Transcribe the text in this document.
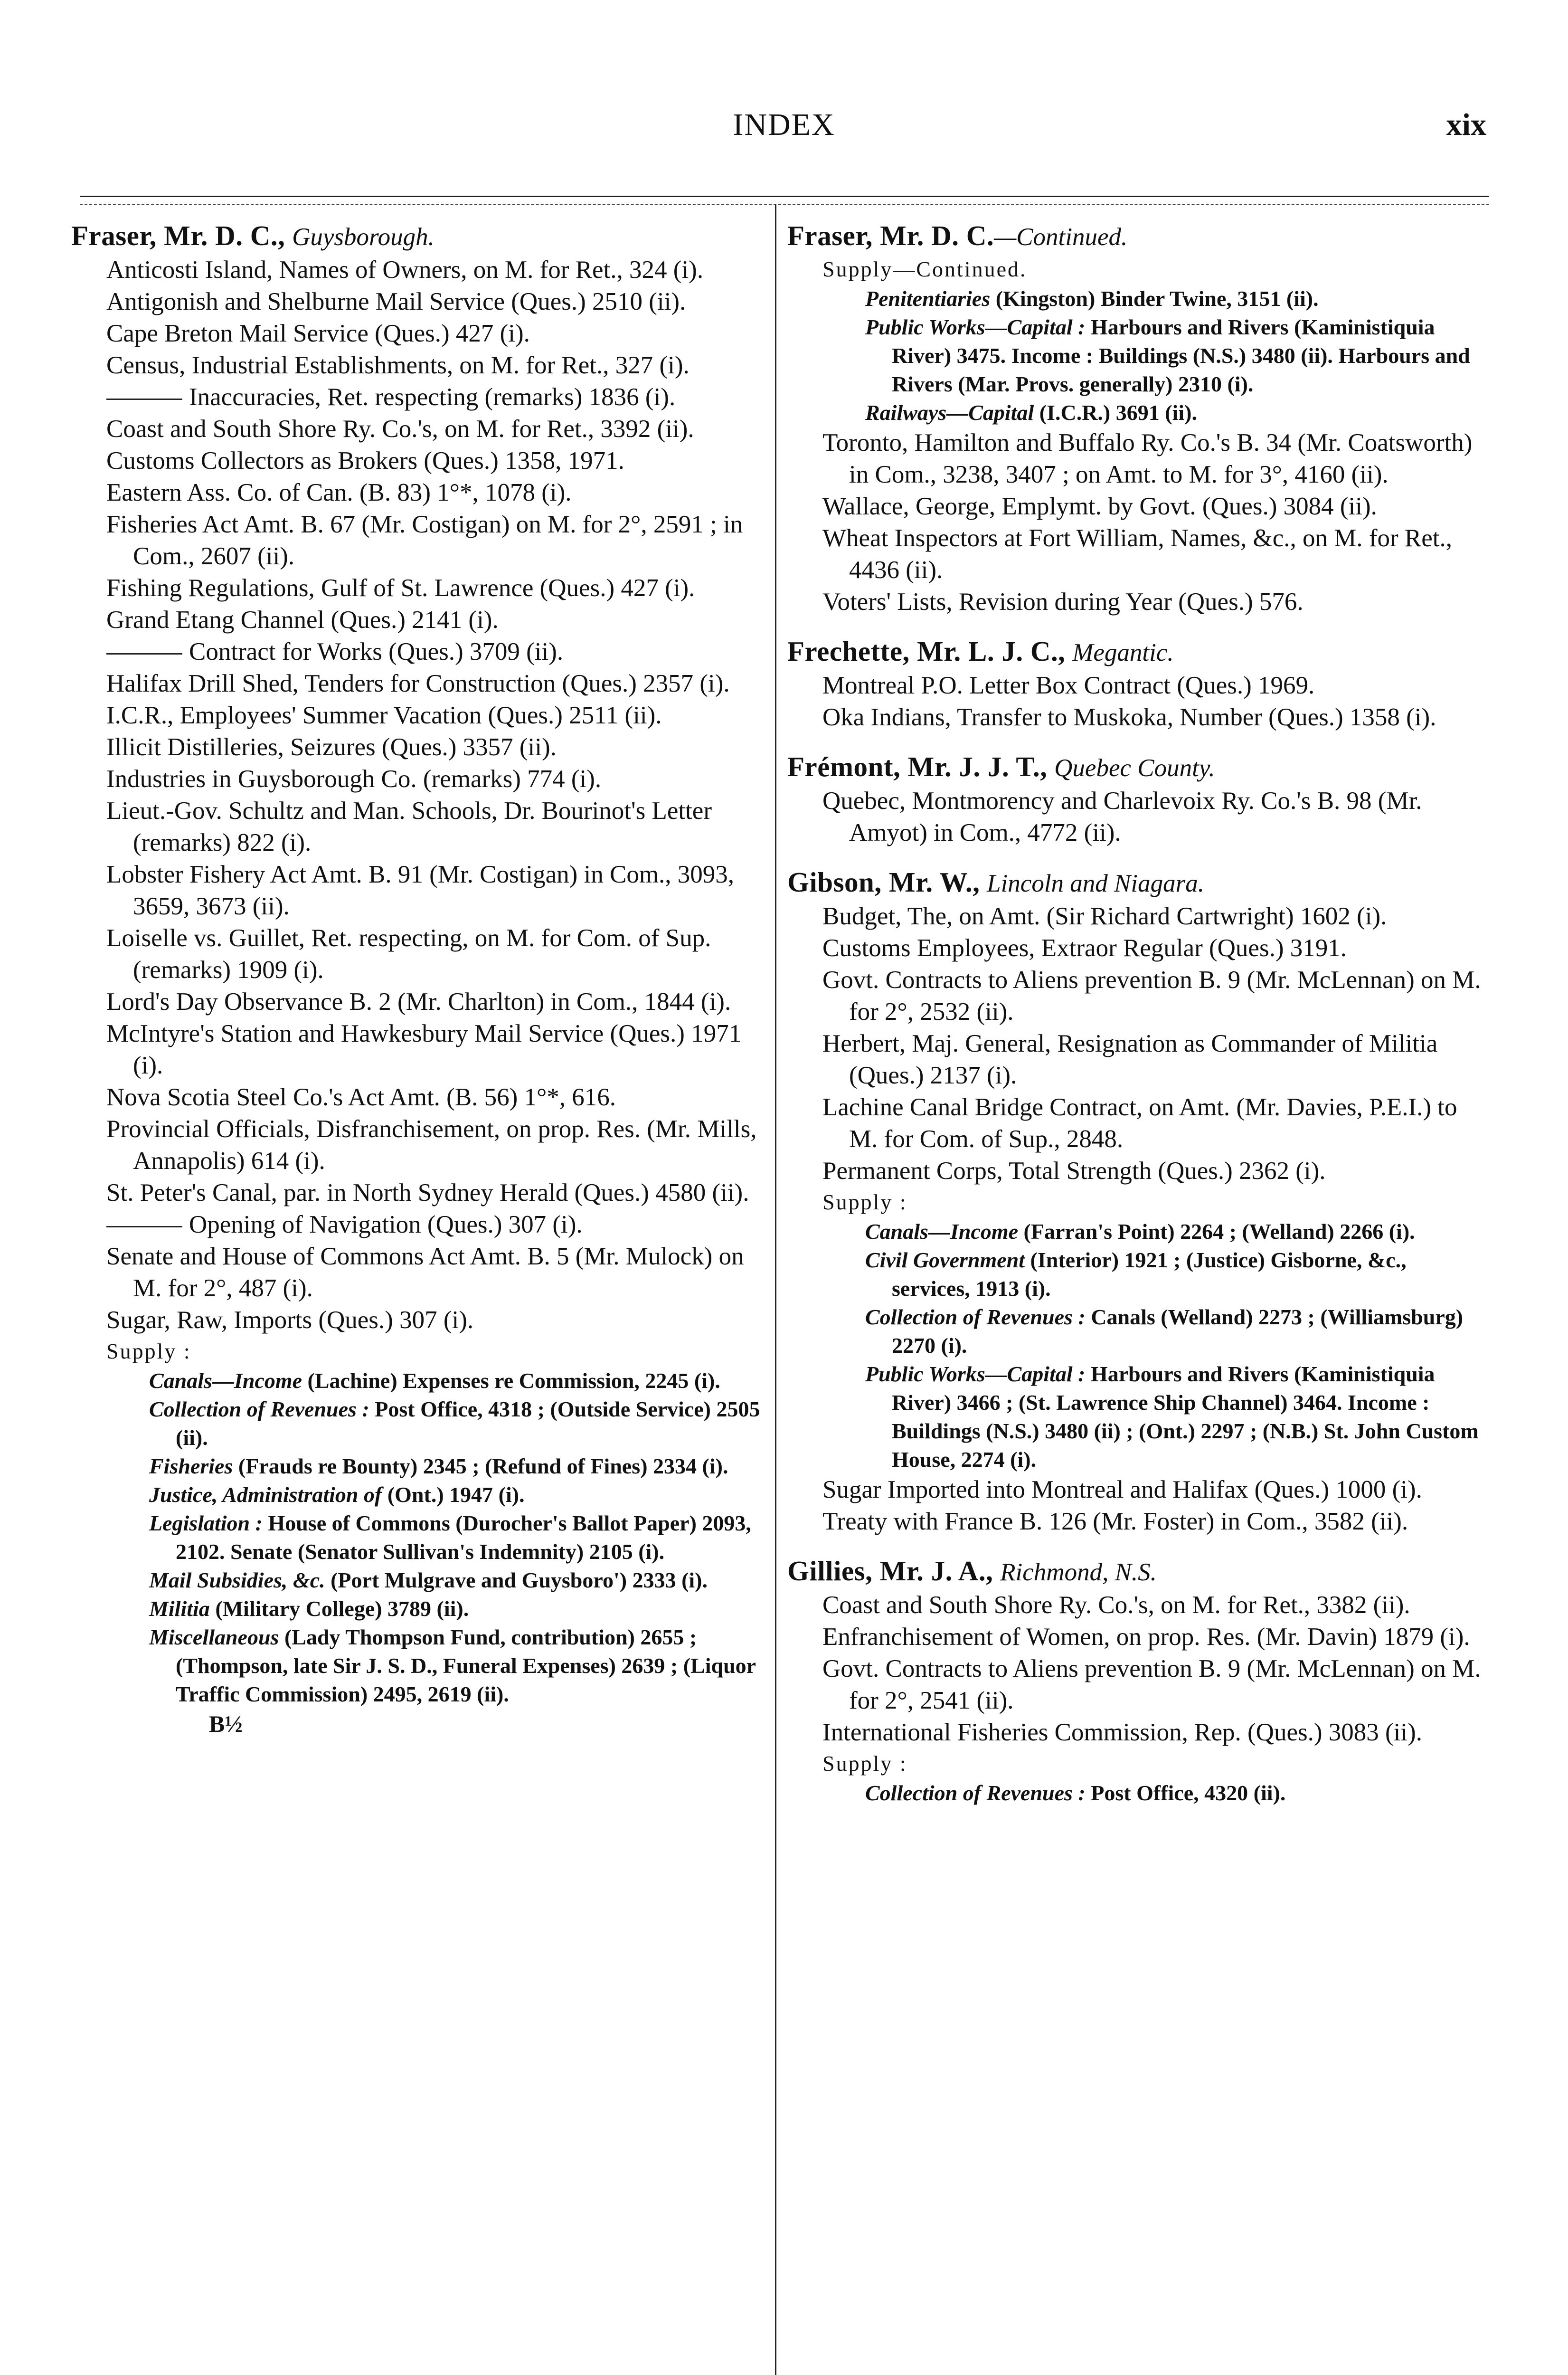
INDEX	xix
Fraser, Mr. D. C., Guysborough.
Anticosti Island, Names of Owners, on M. for Ret., 324 (i).
Antigonish and Shelburne Mail Service (Ques.) 2510 (ii).
Cape Breton Mail Service (Ques.) 427 (i).
Census, Industrial Establishments, on M. for Ret., 327 (i).
Inaccuracies, Ret. respecting (remarks) 1836 (i).
Coast and South Shore Ry. Co.'s, on M. for Ret., 3392 (ii).
Customs Collectors as Brokers (Ques.) 1358, 1971.
Eastern Ass. Co. of Can. (B. 83) 1°*, 1078 (i).
Fisheries Act Amt. B. 67 (Mr. Costigan) on M. for 2°, 2591 ; in Com., 2607 (ii).
Fishing Regulations, Gulf of St. Lawrence (Ques.) 427 (i).
Grand Etang Channel (Ques.) 2141 (i).
Contract for Works (Ques.) 3709 (ii).
Halifax Drill Shed, Tenders for Construction (Ques.) 2357 (i).
I.C.R., Employees' Summer Vacation (Ques.) 2511 (ii).
Illicit Distilleries, Seizures (Ques.) 3357 (ii).
Industries in Guysborough Co. (remarks) 774 (i).
Lieut.-Gov. Schultz and Man. Schools, Dr. Bourinot's Letter (remarks) 822 (i).
Lobster Fishery Act Amt. B. 91 (Mr. Costigan) in Com., 3093, 3659, 3673 (ii).
Loiselle vs. Guillet, Ret. respecting, on M. for Com. of Sup. (remarks) 1909 (i).
Lord's Day Observance B. 2 (Mr. Charlton) in Com., 1844 (i).
McIntyre's Station and Hawkesbury Mail Service (Ques.) 1971 (i).
Nova Scotia Steel Co.'s Act Amt. (B. 56) 1°*, 616.
Provincial Officials, Disfranchisement, on prop. Res. (Mr. Mills, Annapolis) 614 (i).
St. Peter's Canal, par. in North Sydney Herald (Ques.) 4580 (ii).
Opening of Navigation (Ques.) 307 (i).
Senate and House of Commons Act Amt. B. 5 (Mr. Mulock) on M. for 2°, 487 (i).
Sugar, Raw, Imports (Ques.) 307 (i).
Supply :
Canals—Income (Lachine) Expenses re Commission, 2245 (i).
Collection of Revenues : Post Office, 4318 ; (Outside Service) 2505 (ii).
Fisheries (Frauds re Bounty) 2345 ; (Refund of Fines) 2334 (i).
Justice, Administration of (Ont.) 1947 (i).
Legislation : House of Commons (Durocher's Ballot Paper) 2093, 2102. Senate (Senator Sullivan's Indemnity) 2105 (i).
Mail Subsidies, &c. (Port Mulgrave and Guysboro') 2333 (i).
Militia (Military College) 3789 (ii).
Miscellaneous (Lady Thompson Fund, contribution) 2655 ; (Thompson, late Sir J. S. D., Funeral Expenses) 2639 ; (Liquor Traffic Commission) 2495, 2619 (ii).
B½
Fraser, Mr. D. C.—Continued.
Supply—Continued.
Penitentiaries (Kingston) Binder Twine, 3151 (ii).
Public Works—Capital : Harbours and Rivers (Kaministiquia River) 3475. Income : Buildings (N.S.) 3480 (ii). Harbours and Rivers (Mar. Provs. generally) 2310 (i).
Railways—Capital (I.C.R.) 3691 (ii).
Toronto, Hamilton and Buffalo Ry. Co.'s B. 34 (Mr. Coatsworth) in Com., 3238, 3407 ; on Amt. to M. for 3°, 4160 (ii).
Wallace, George, Emplymt. by Govt. (Ques.) 3084 (ii).
Wheat Inspectors at Fort William, Names, &c., on M. for Ret., 4436 (ii).
Voters' Lists, Revision during Year (Ques.) 576.
Frechette, Mr. L. J. C., Megantic.
Montreal P.O. Letter Box Contract (Ques.) 1969.
Oka Indians, Transfer to Muskoka, Number (Ques.) 1358 (i).
Frémont, Mr. J. J. T., Quebec County.
Quebec, Montmorency and Charlevoix Ry. Co.'s B. 98 (Mr. Amyot) in Com., 4772 (ii).
Gibson, Mr. W., Lincoln and Niagara.
Budget, The, on Amt. (Sir Richard Cartwright) 1602 (i).
Customs Employees, Extraor Regular (Ques.) 3191.
Govt. Contracts to Aliens prevention B. 9 (Mr. McLennan) on M. for 2°, 2532 (ii).
Herbert, Maj. General, Resignation as Commander of Militia (Ques.) 2137 (i).
Lachine Canal Bridge Contract, on Amt. (Mr. Davies, P.E.I.) to M. for Com. of Sup., 2848.
Permanent Corps, Total Strength (Ques.) 2362 (i).
Supply :
Canals—Income (Farran's Point) 2264 ; (Welland) 2266 (i).
Civil Government (Interior) 1921 ; (Justice) Gisborne, &c., services, 1913 (i).
Collection of Revenues : Canals (Welland) 2273 ; (Williamsburg) 2270 (i).
Public Works—Capital : Harbours and Rivers (Kaministiquia River) 3466 ; (St. Lawrence Ship Channel) 3464. Income : Buildings (N.S.) 3480 (ii) ; (Ont.) 2297 ; (N.B.) St. John Custom House, 2274 (i).
Sugar Imported into Montreal and Halifax (Ques.) 1000 (i).
Treaty with France B. 126 (Mr. Foster) in Com., 3582 (ii).
Gillies, Mr. J. A., Richmond, N.S.
Coast and South Shore Ry. Co.'s, on M. for Ret., 3382 (ii).
Enfranchisement of Women, on prop. Res. (Mr. Davin) 1879 (i).
Govt. Contracts to Aliens prevention B. 9 (Mr. McLennan) on M. for 2°, 2541 (ii).
International Fisheries Commission, Rep. (Ques.) 3083 (ii).
Supply :
Collection of Revenues : Post Office, 4320 (ii).
